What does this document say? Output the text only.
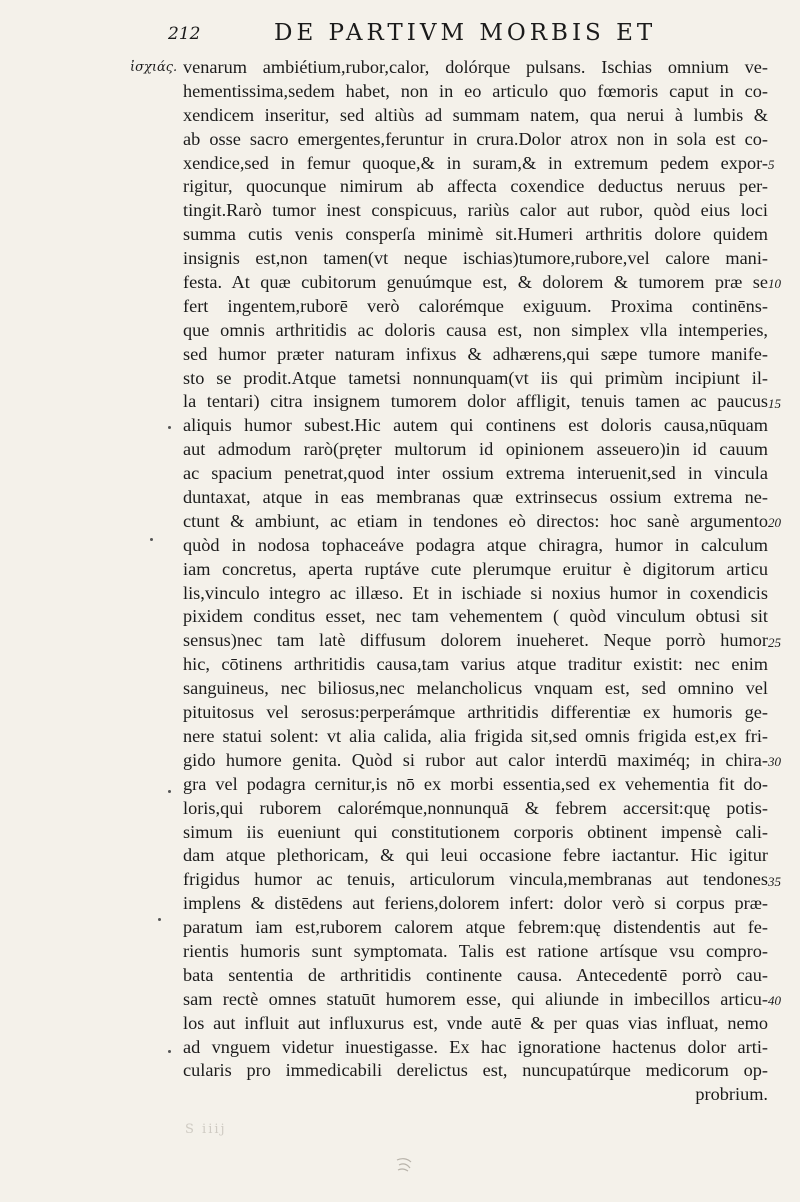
212	DE PARTIVM MORBIS ET
ἰσχιάς. venarum ambiétium,rubor,calor, dolórque pulsans. Ischias omnium ve-
hementissima,sedem habet, non in eo articulo quo fœmoris caput in co-
xendicem inseritur, sed altiùs ad summam natem, qua nerui à lumbis &
ab osse sacro emergentes,feruntur in crura.Dolor atrox non in sola est co-
xendice,sed in femur quoque,& in suram,& in extremum pedem expor-
rigitur, quocunque nimirum ab affecta coxendice deductus neruus per-
tingit.Rarò tumor inest conspicuus, rariùs calor aut rubor, quòd eius loci
summa cutis venis consperſa minimè sit.Humeri arthritis dolore quidem
insignis est,non tamen(vt neque ischias)tumore,rubore,vel calore mani-
festa. At quæ cubitorum genuúmque est, & dolorem & tumorem præ se
fert ingentem,ruborē verò calorémque exiguum. Proxima continēns-
que omnis arthritidis ac doloris causa est, non simplex vlla intemperies,
sed humor præter naturam infixus & adhærens,qui sæpe tumore manife-
sto se prodit.Atque tametsi nonnunquam(vt iis qui primùm incipiunt il-
la tentari) citra insignem tumorem dolor affligit, tenuis tamen ac paucus
aliquis humor subest.Hic autem qui continens est doloris causa,nūquam
aut admodum rarò(pręter multorum id opinionem asseuero)in id cauum
ac spacium penetrat,quod inter ossium extrema interuenit,sed in vincula
duntaxat, atque in eas membranas quæ extrinsecus ossium extrema ne-
ctunt & ambiunt, ac etiam in tendones eò directos: hoc sanè argumento
quòd in nodosa tophaceáve podagra atque chiragra, humor in calculum
iam concretus, aperta ruptáve cute plerumque eruitur è digitorum articu
lis,vinculo integro ac illæso. Et in ischiade si noxius humor in coxendicis
pixidem conditus esset, nec tam vehementem ( quòd vinculum obtusi sit
sensus)nec tam latè diffusum dolorem inueheret. Neque porrò humor
hic, cōtinens arthritidis causa,tam varius atque traditur existit: nec enim
sanguineus, nec biliosus,nec melancholicus vnquam est, sed omnino vel
pituitosus vel serosus:perperámque arthritidis differentiæ ex humoris ge-
nere statui solent: vt alia calida, alia frigida sit,sed omnis frigida est,ex fri-
gido humore genita. Quòd si rubor aut calor interdū maximéq; in chira-
gra vel podagra cernitur,is nō ex morbi essentia,sed ex vehementia fit do-
loris,qui ruborem calorémque,nonnunquā & febrem accersit:quę potis-
simum iis eueniunt qui constitutionem corporis obtinent impensè cali-
dam atque plethoricam, & qui leui occasione febre iactantur. Hic igitur
frigidus humor ac tenuis, articulorum vincula,membranas aut tendones
implens & distēdens aut feriens,dolorem infert: dolor verò si corpus præ-
paratum iam est,ruborem calorem atque febrem:quę distendentis aut fe-
rientis humoris sunt symptomata. Talis est ratione artísque vsu compro-
bata sententia de arthritidis continente causa. Antecedentē porrò cau-
sam rectè omnes statuūt humorem esse, qui aliunde in imbecillos articu-
los aut influit aut influxurus est, vnde autē & per quas vias influat, nemo
ad vnguem videtur inuestigasse. Ex hac ignoratione hactenus dolor arti-
cularis pro immedicabili derelictus est, nuncupatúrque medicorum op-
probrium.
5
10
15
20
25
30
35
40
S iiij
